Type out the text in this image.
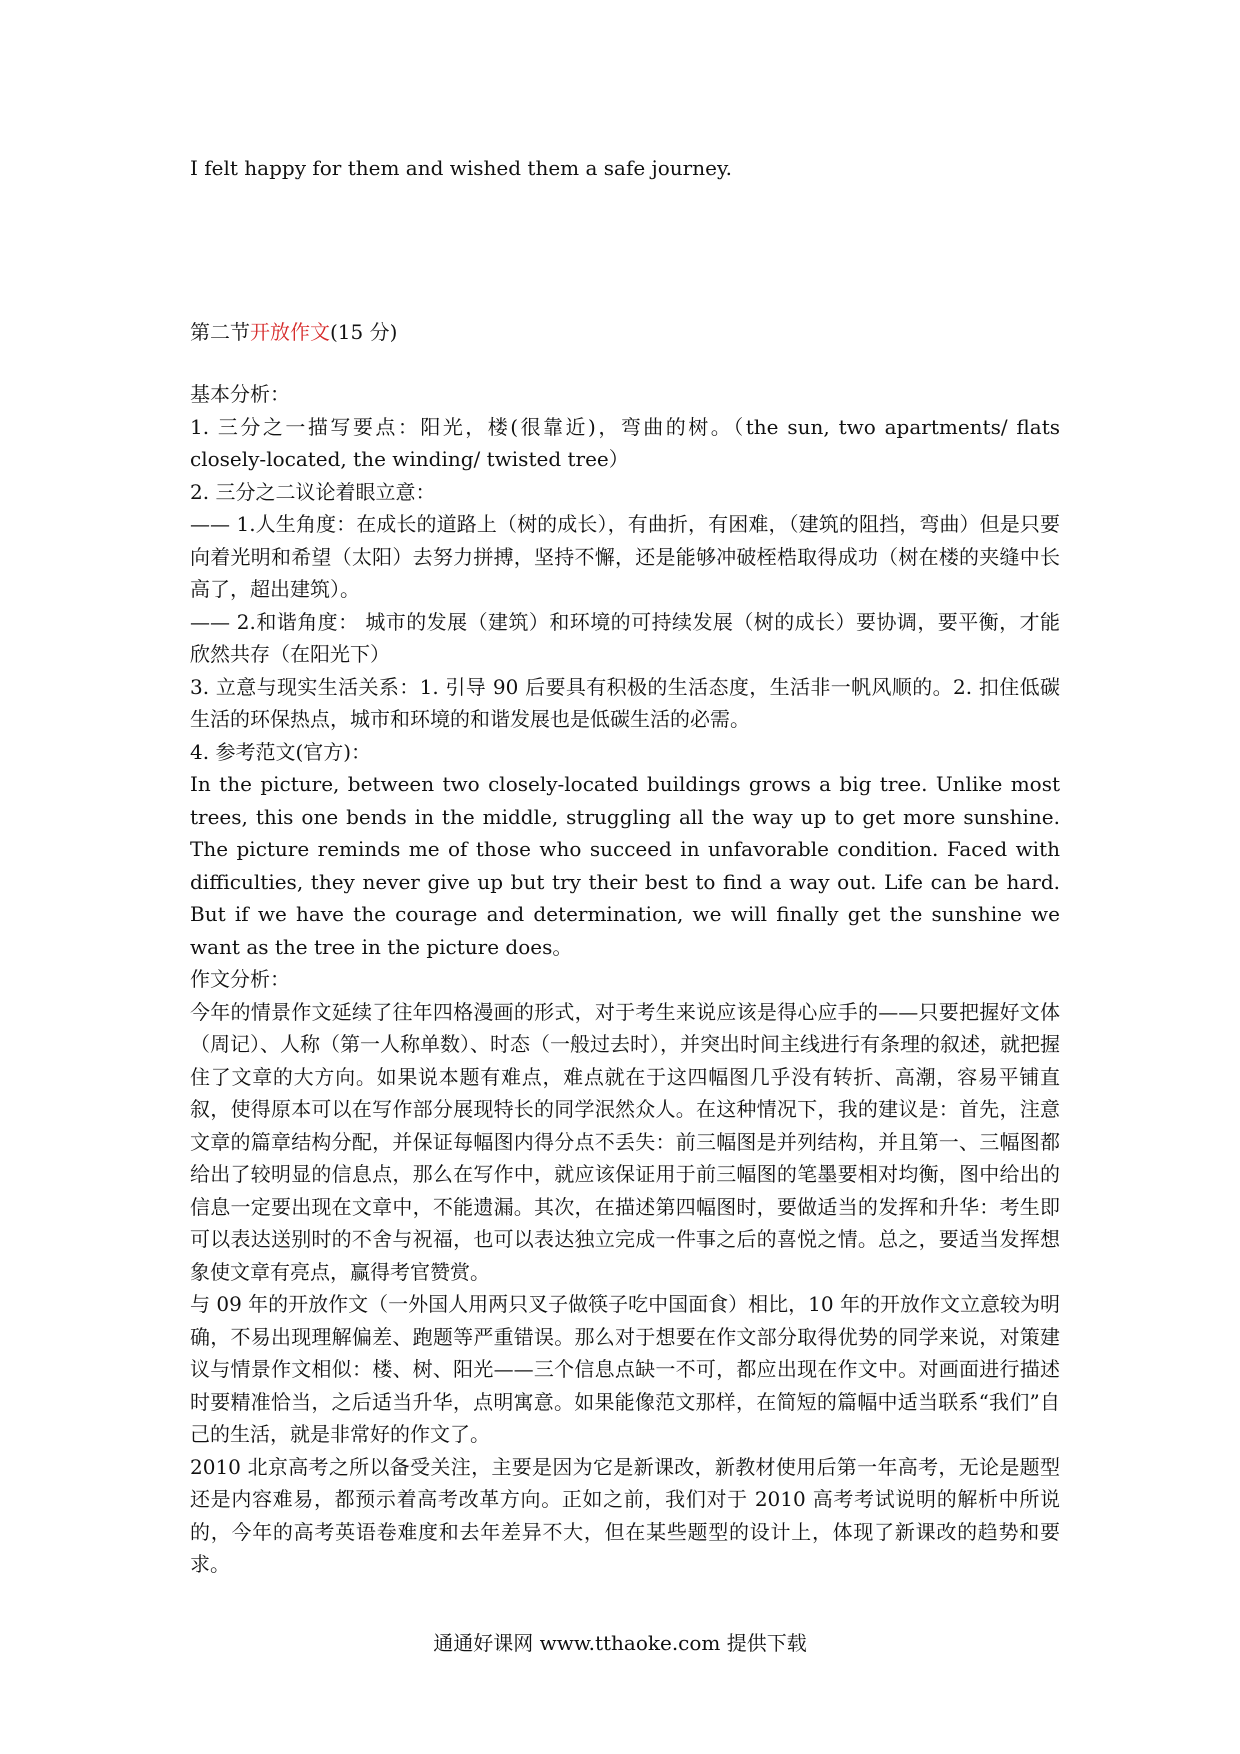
I felt happy for them and wished them a safe journey.
第二节开放作文(15 分)

基本分析：

1. 三分之一描写要点：阳光，楼(很靠近)，弯曲的树。（the sun, two apartments/ flats closely-located, the winding/ twisted tree）

2. 三分之二议论着眼立意：

—— 1.人生角度：在成长的道路上（树的成长），有曲折，有困难，（建筑的阻挡，弯曲）但是只要向着光明和希望（太阳）去努力拼搏，坚持不懈，还是能够冲破桎梏取得成功（树在楼的夹缝中长高了，超出建筑）。

—— 2.和谐角度： 城市的发展（建筑）和环境的可持续发展（树的成长）要协调，要平衡，才能欣然共存（在阳光下）

3. 立意与现实生活关系：1. 引导 90 后要具有积极的生活态度，生活非一帆风顺的。2. 扣住低碳生活的环保热点，城市和环境的和谐发展也是低碳生活的必需。

4. 参考范文(官方)：

In the picture, between two closely-located buildings grows a big tree. Unlike most trees, this one bends in the middle, struggling all the way up to get more sunshine. The picture reminds me of those who succeed in unfavorable condition. Faced with difficulties, they never give up but try their best to find a way out. Life can be hard. But if we have the courage and determination, we will finally get the sunshine we want as the tree in the picture does。

作文分析：

今年的情景作文延续了往年四格漫画的形式，对于考生来说应该是得心应手的——只要把握好文体（周记）、人称（第一人称单数）、时态（一般过去时），并突出时间主线进行有条理的叙述，就把握住了文章的大方向。如果说本题有难点，难点就在于这四幅图几乎没有转折、高潮，容易平铺直叙，使得原本可以在写作部分展现特长的同学泯然众人。在这种情况下，我的建议是：首先，注意文章的篇章结构分配，并保证每幅图内得分点不丢失：前三幅图是并列结构，并且第一、三幅图都给出了较明显的信息点，那么在写作中，就应该保证用于前三幅图的笔墨要相对均衡，图中给出的信息一定要出现在文章中，不能遗漏。其次，在描述第四幅图时，要做适当的发挥和升华：考生即可以表达送别时的不舍与祝福，也可以表达独立完成一件事之后的喜悦之情。总之，要适当发挥想象使文章有亮点，赢得考官赞赏。

与 09 年的开放作文（一外国人用两只叉子做筷子吃中国面食）相比，10 年的开放作文立意较为明确，不易出现理解偏差、跑题等严重错误。那么对于想要在作文部分取得优势的同学来说，对策建议与情景作文相似：楼、树、阳光——三个信息点缺一不可，都应出现在作文中。对画面进行描述时要精准恰当，之后适当升华，点明寓意。如果能像范文那样，在简短的篇幅中适当联系“我们”自己的生活，就是非常好的作文了。

2010 北京高考之所以备受关注，主要是因为它是新课改，新教材使用后第一年高考，无论是题型还是内容难易，都预示着高考改革方向。正如之前，我们对于 2010 高考考试说明的解析中所说的，今年的高考英语卷难度和去年差异不大，但在某些题型的设计上，体现了新课改的趋势和要求。

通通好课网 www.tthaoke.com 提供下载
